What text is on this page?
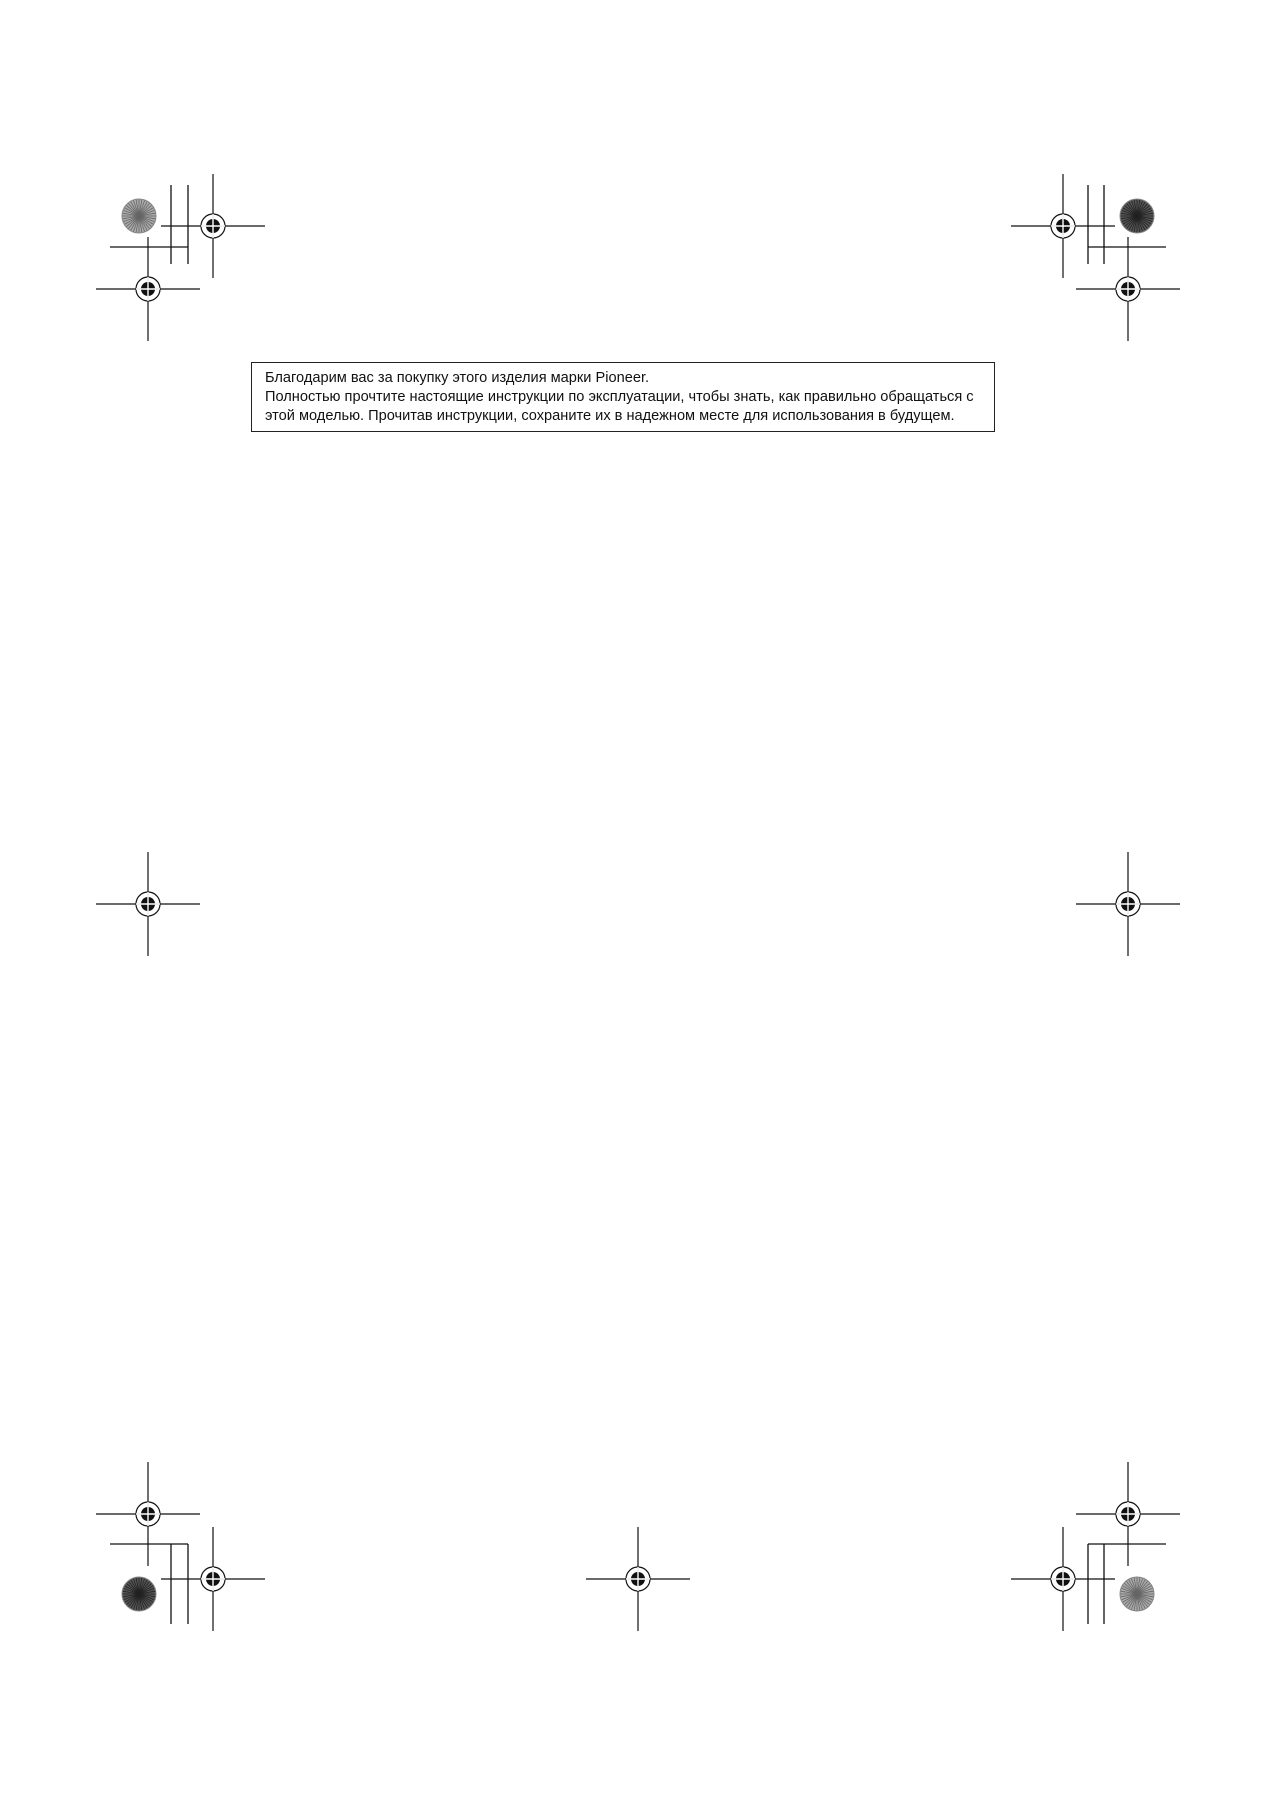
Благодарим вас за покупку этого изделия марки Pioneer.

Полностью прочтите настоящие инструкции по эксплуатации, чтобы знать, как правильно обращаться с

этой моделью. Прочитав инструкции, сохраните их в надежном месте для использования в будущем.
